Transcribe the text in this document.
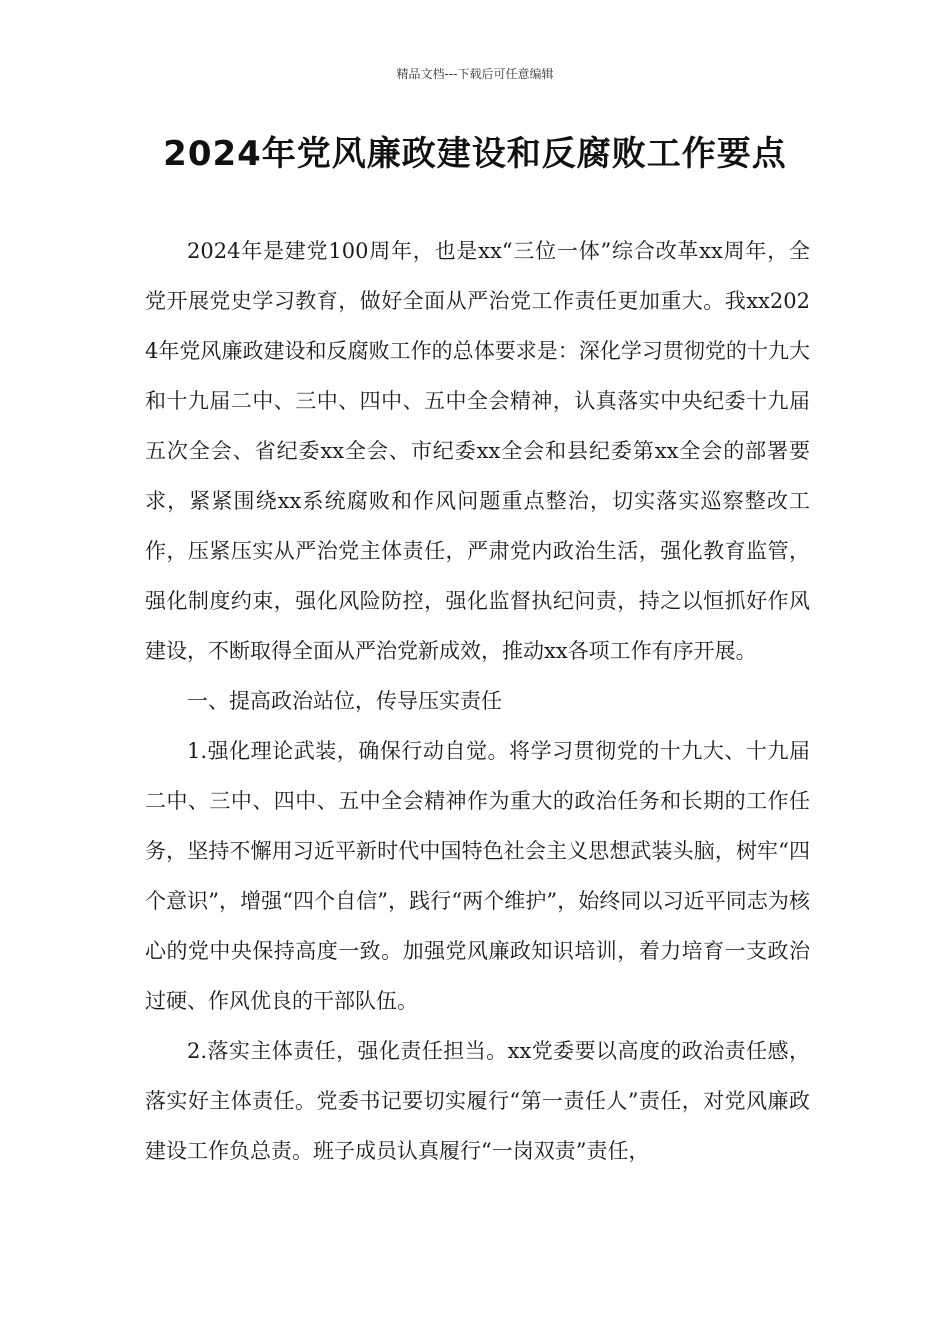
精品文档---下载后可任意编辑
2024年党风廉政建设和反腐败工作要点

2024年是建党100周年，也是xx“三位一体”综合改革xx周年，全党开展党史学习教育，做好全面从严治党工作责任更加重大。我xx2024年党风廉政建设和反腐败工作的总体要求是：深化学习贯彻党的十九大和十九届二中、三中、四中、五中全会精神，认真落实中央纪委十九届五次全会、省纪委xx全会、市纪委xx全会和县纪委第xx全会的部署要求，紧紧围绕xx系统腐败和作风问题重点整治，切实落实巡察整改工作，压紧压实从严治党主体责任，严肃党内政治生活，强化教育监管，强化制度约束，强化风险防控，强化监督执纪问责，持之以恒抓好作风建设，不断取得全面从严治党新成效，推动xx各项工作有序开展。

一、提高政治站位，传导压实责任

1.强化理论武装，确保行动自觉。将学习贯彻党的十九大、十九届二中、三中、四中、五中全会精神作为重大的政治任务和长期的工作任务，坚持不懈用习近平新时代中国特色社会主义思想武装头脑，树牢“四个意识”，增强“四个自信”，践行“两个维护”，始终同以习近平同志为核心的党中央保持高度一致。加强党风廉政知识培训，着力培育一支政治过硬、作风优良的干部队伍。

2.落实主体责任，强化责任担当。xx党委要以高度的政治责任感，落实好主体责任。党委书记要切实履行“第一责任人”责任，对党风廉政建设工作负总责。班子成员认真履行“一岗双责”责任，
